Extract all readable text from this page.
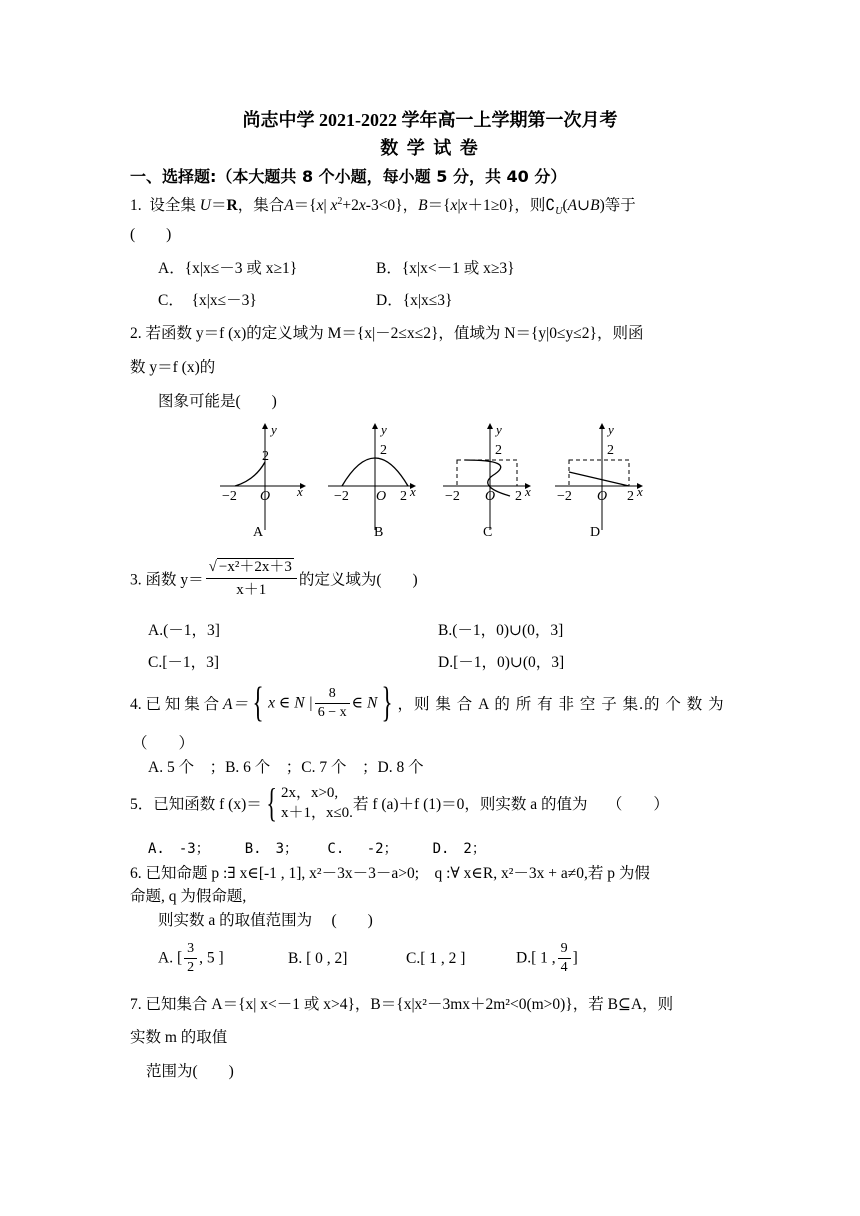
尚志中学 2021-2022 学年高一上学期第一次月考
数 学 试 卷
一、选择题:（本大题共 8 个小题，每小题 5 分，共 40 分）
1. 设全集 U＝R，集合A＝{x| $x^2+2x-3<0$}，B＝{x|x＋1≥0}，则$∁_U(A\cup B)$等于
(　　)
A．{x|x≤－3 或 x≥1}	B．{x|x<－1 或 x≥3}
C．　{x|x≤－3}	D．{x|x≤3}
2. 若函数 y＝f (x)的定义域为 M＝{x|－2≤x≤2}，值域为 N＝{y|0≤y≤2}，则函
数 y＝f (x)的
图象可能是(　　)
y
x
2
−2 O
A
y
x
2
−2 O 2
B
y
x
2
−2 O 2
C
y
x
2
−2 O 2
D
3. 函数 $y= \frac{\text{√ −x²＋2x＋3}}{x+1}$ 的定义域为(　　)
A.(－1，3]	B.(－1，0)∪(0，3]
C.[－1，3]	D.[－1，0)∪(0，3]
4. 已 知 集 合 A＝ { x ∈ N | $\frac{8}{6 - x}$ ∈ N } ，则 集 合 A 的 所 有 非 空 子 集.的 个 数 为
（　　）
A. 5 个　；B. 6 个　；C. 7 个　；D. 8 个
5．已知函数 f (x)＝ { 2x，x>0,
x＋1，x≤0. 若 f (a)＋f (1)＝0，则实数 a 的值为　 （　　）
A.　-3；　　　B.　3；　　 C.　 -2；　　　D.　2；
6. 已知命题 p :∃ x∈[-1 , 1], x²－3x－3－a>0;　q :∀ x∈R, x²－3x + a≠0,若 p 为假
命题, q 为假命题,
则实数 a 的取值范围为　 (　　)
A. [ $\frac{3}{2}$ , 5 ]	B. [ 0 , 2]	C.[ 1 , 2 ]	D.[ 1 , $\frac{9}{4}$ ]
7. 已知集合 A＝{x| x<－1 或 x>4}，B＝{x|x²－3mx＋2m²<0(m>0)}，若 B⊆A，则
实数 m 的取值
范围为(　　)
